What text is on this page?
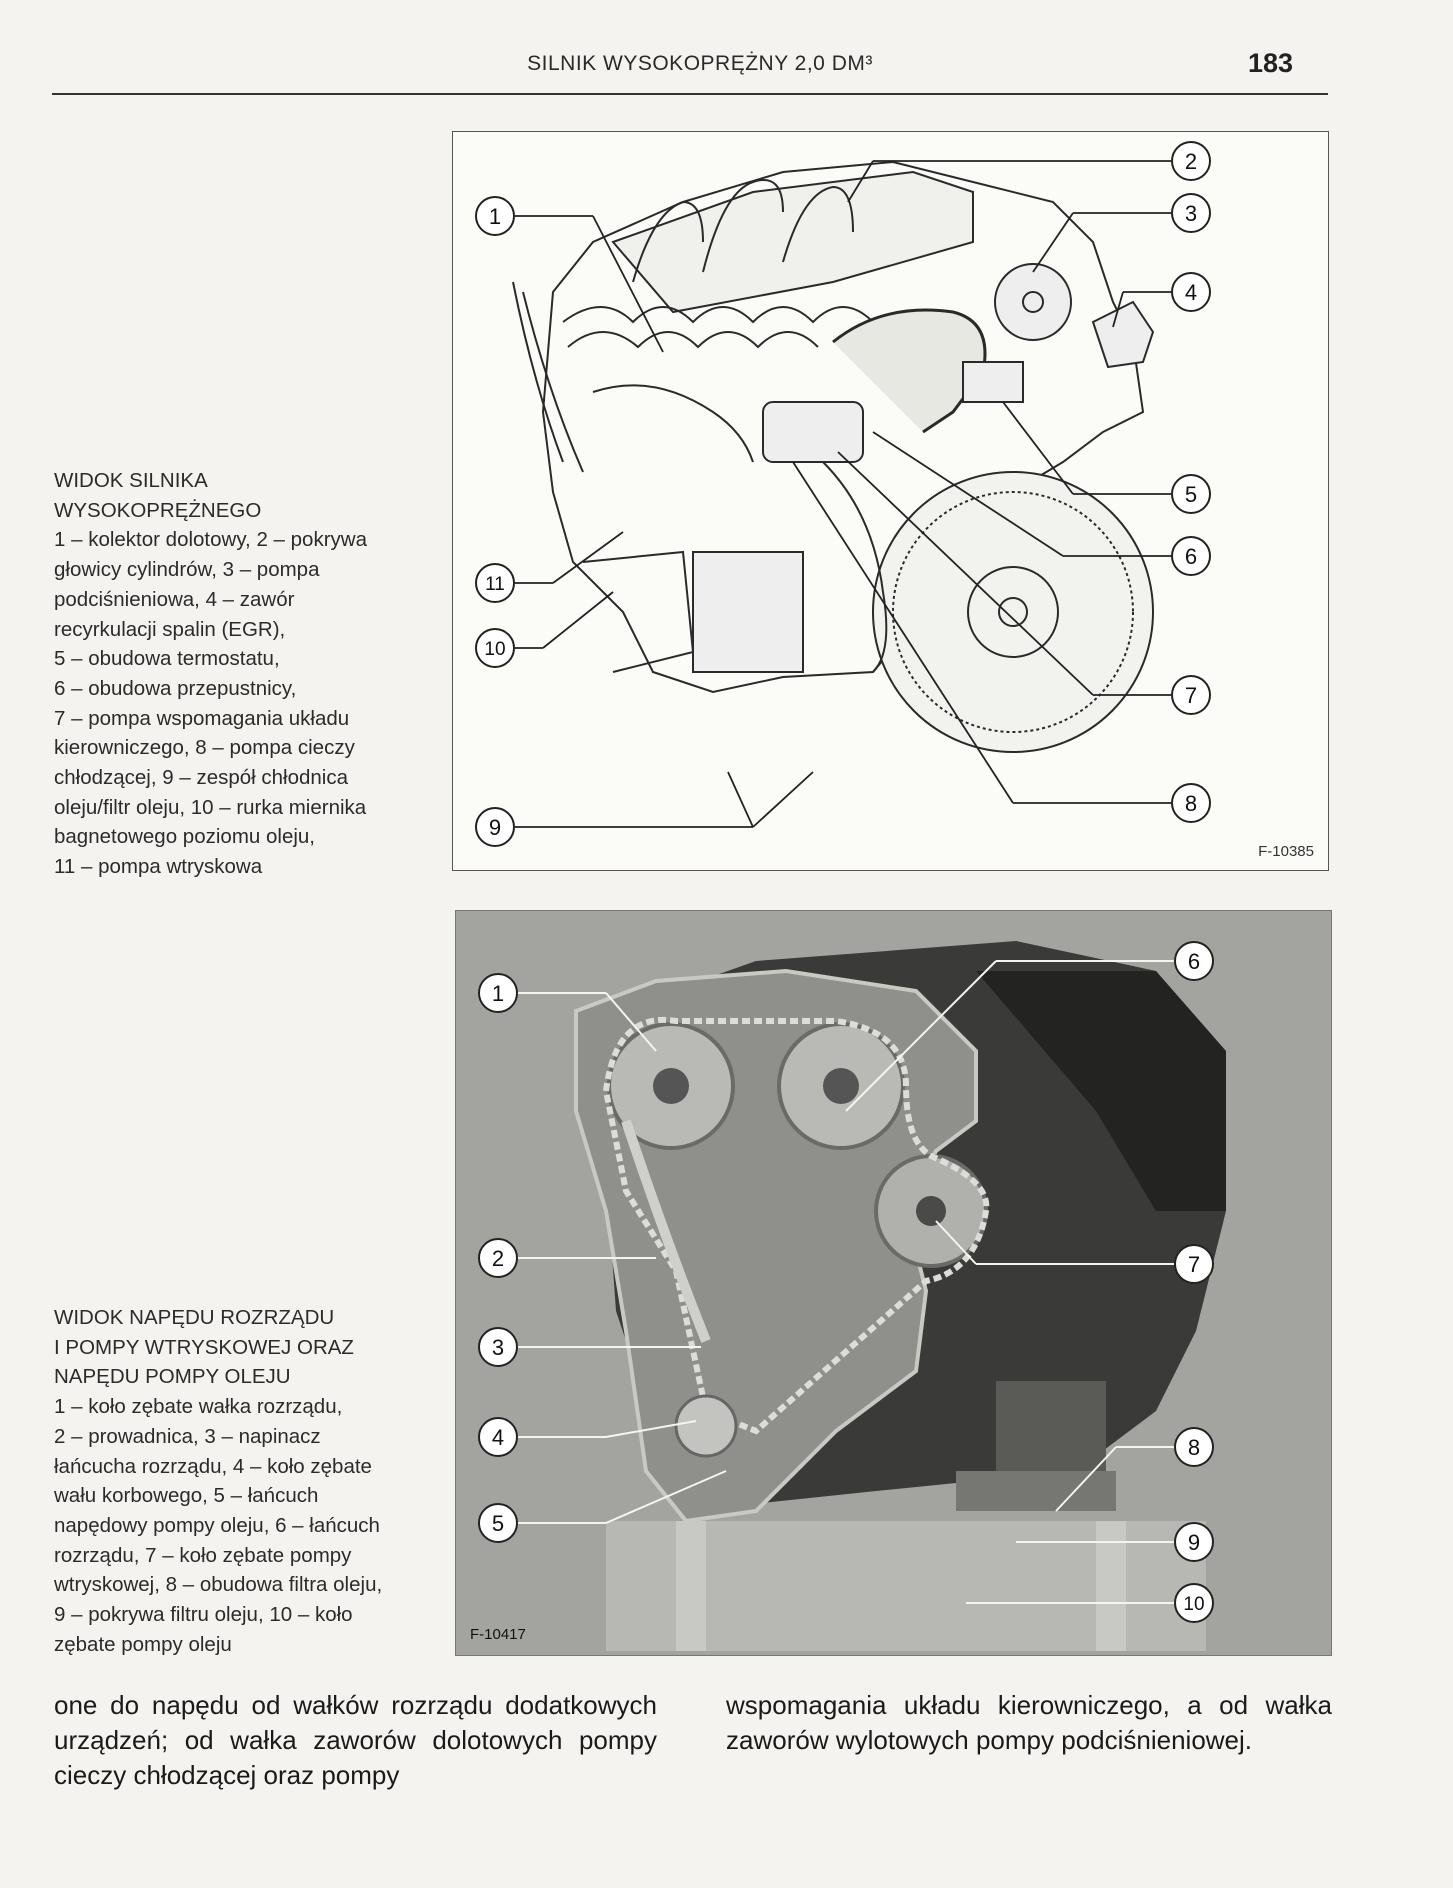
SILNIK WYSOKOPRĘŻNY 2,0 DM³	183
WIDOK SILNIKA
WYSOKOPRĘŻNEGO
1 – kolektor dolotowy, 2 – pokrywa
głowicy cylindrów, 3 – pompa
podciśnieniowa, 4 – zawór
recyrkulacji spalin (EGR),
5 – obudowa termostatu,
6 – obudowa przepustnicy,
7 – pompa wspomagania układu
kierowniczego, 8 – pompa cieczy
chłodzącej, 9 – zespół chłodnica
oleju/filtr oleju, 10 – rurka miernika
bagnetowego poziomu oleju,
11 – pompa wtryskowa
1
2
3
4
5
6
7
8
9
10
11
F-10385
1
2
3
4
5
6
7
8
9
10
F-10417
WIDOK NAPĘDU ROZRZĄDU
I POMPY WTRYSKOWEJ ORAZ
NAPĘDU POMPY OLEJU
1 – koło zębate wałka rozrządu,
2 – prowadnica, 3 – napinacz
łańcucha rozrządu, 4 – koło zębate
wału korbowego, 5 – łańcuch
napędowy pompy oleju, 6 – łańcuch
rozrządu, 7 – koło zębate pompy
wtryskowej, 8 – obudowa filtra oleju,
9 – pokrywa filtru oleju, 10 – koło
zębate pompy oleju
one do napędu od wałków rozrządu dodatkowych urządzeń; od wałka zaworów dolotowych pompy cieczy chłodzącej oraz pompy
wspomagania układu kierowniczego, a od wałka zaworów wylotowych pompy podciśnieniowej.
